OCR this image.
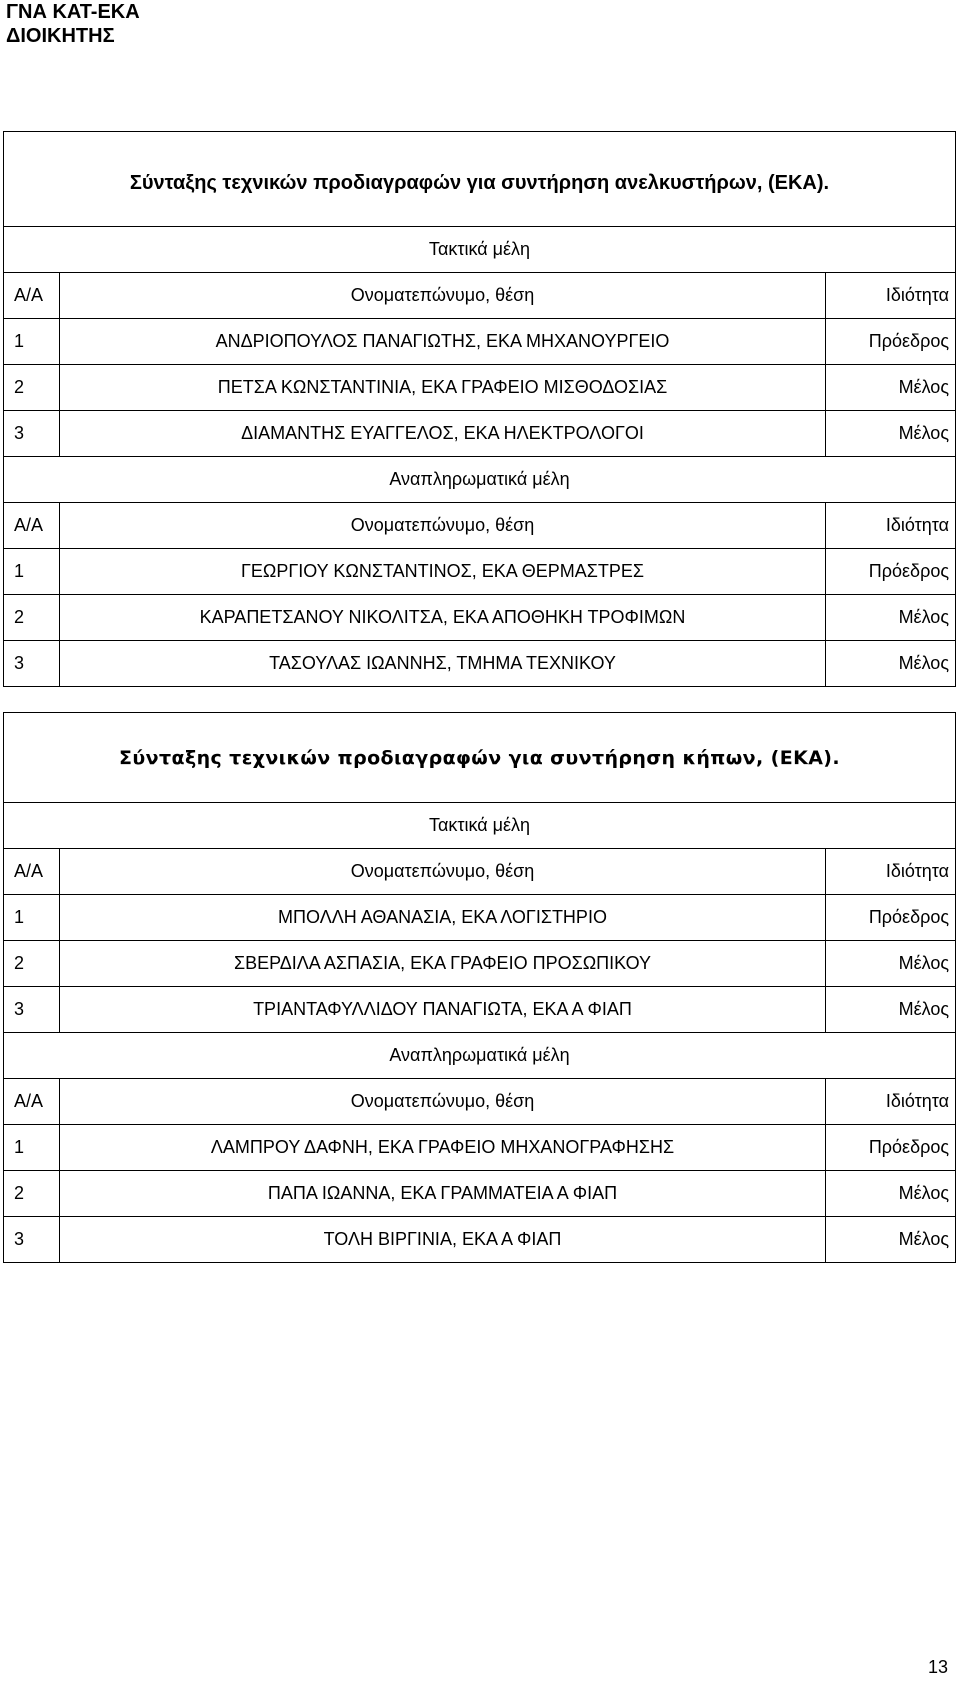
ΓΝΑ ΚΑΤ-ΕΚΑ
ΔΙΟΙΚΗΤΗΣ
Σύνταξης τεχνικών προδιαγραφών για συντήρηση ανελκυστήρων, (ΕΚΑ).		
Τακτικά μέλη		
Α/Α	Ονοματεπώνυμο, θέση	Ιδιότητα
1	ΑΝΔΡΙΟΠΟΥΛΟΣ ΠΑΝΑΓΙΩΤΗΣ, ΕΚΑ ΜΗΧΑΝΟΥΡΓΕΙΟ	Πρόεδρος
2	ΠΕΤΣΑ ΚΩΝΣΤΑΝΤΙΝΙΑ, ΕΚΑ ΓΡΑΦΕΙΟ ΜΙΣΘΟΔΟΣΙΑΣ	Μέλος
3	ΔΙΑΜΑΝΤΗΣ ΕΥΑΓΓΕΛΟΣ, ΕΚΑ ΗΛΕΚΤΡΟΛΟΓΟΙ	Μέλος
Αναπληρωματικά μέλη		
Α/Α	Ονοματεπώνυμο, θέση	Ιδιότητα
1	ΓΕΩΡΓΙΟΥ ΚΩΝΣΤΑΝΤΙΝΟΣ, ΕΚΑ ΘΕΡΜΑΣΤΡΕΣ	Πρόεδρος
2	ΚΑΡΑΠΕΤΣΑΝΟΥ ΝΙΚΟΛΙΤΣΑ, ΕΚΑ ΑΠΟΘΗΚΗ ΤΡΟΦΙΜΩΝ	Μέλος
3	ΤΑΣΟΥΛΑΣ ΙΩΑΝΝΗΣ, ΤΜΗΜΑ ΤΕΧΝΙΚΟΥ	Μέλος
Σύνταξης τεχνικών προδιαγραφών για συντήρηση κήπων, (ΕΚΑ).		
Τακτικά μέλη		
Α/Α	Ονοματεπώνυμο, θέση	Ιδιότητα
1	ΜΠΟΛΛΗ ΑΘΑΝΑΣΙΑ, ΕΚΑ ΛΟΓΙΣΤΗΡΙΟ	Πρόεδρος
2	ΣΒΕΡΔΙΛΑ ΑΣΠΑΣΙΑ, ΕΚΑ ΓΡΑΦΕΙΟ ΠΡΟΣΩΠΙΚΟΥ	Μέλος
3	ΤΡΙΑΝΤΑΦΥΛΛΙΔΟΥ ΠΑΝΑΓΙΩΤΑ, ΕΚΑ Α ΦΙΑΠ	Μέλος
Αναπληρωματικά μέλη		
Α/Α	Ονοματεπώνυμο, θέση	Ιδιότητα
1	ΛΑΜΠΡΟΥ ΔΑΦΝΗ, ΕΚΑ ΓΡΑΦΕΙΟ ΜΗΧΑΝΟΓΡΑΦΗΣΗΣ	Πρόεδρος
2	ΠΑΠΑ ΙΩΑΝΝΑ, ΕΚΑ ΓΡΑΜΜΑΤΕΙΑ Α ΦΙΑΠ	Μέλος
3	ΤΟΛΗ ΒΙΡΓΙΝΙΑ, ΕΚΑ Α ΦΙΑΠ	Μέλος
13
